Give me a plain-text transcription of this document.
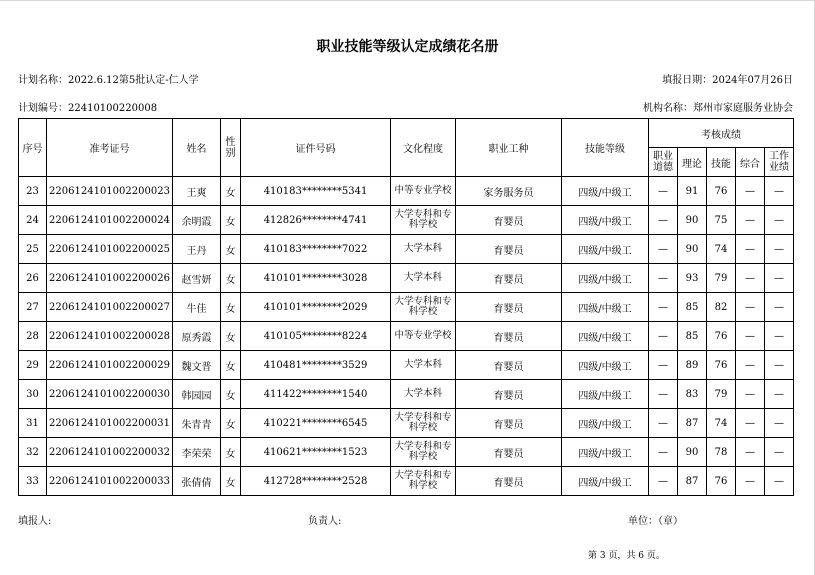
职业技能等级认定成绩花名册
计划名称：2022.6.12第5批认定-仁人学	填报日期：2024年07月26日
计划编号：22410100220008	机构名称：郑州市家庭服务业协会
序号	准考证号	姓名	性别	证件号码	文化程度	职业工种	技能等级	考核成绩				
								职业道德	理论	技能	综合	工作业绩
23	2206124101002200023	王爽	女	410183********5341	中等专业学校	家务服务员	四级/中级工	—	91	76	—	—
24	2206124101002200024	余明霞	女	412826********4741	大学专科和专科学校	育婴员	四级/中级工	—	90	75	—	—
25	2206124101002200025	王丹	女	410183********7022	大学本科	育婴员	四级/中级工	—	90	74	—	—
26	2206124101002200026	赵雪妍	女	410101********3028	大学本科	育婴员	四级/中级工	—	93	79	—	—
27	2206124101002200027	牛佳	女	410101********2029	大学专科和专科学校	育婴员	四级/中级工	—	85	82	—	—
28	2206124101002200028	原秀霞	女	410105********8224	中等专业学校	育婴员	四级/中级工	—	85	76	—	—
29	2206124101002200029	魏文普	女	410481********3529	大学本科	育婴员	四级/中级工	—	89	76	—	—
30	2206124101002200030	韩园园	女	411422********1540	大学本科	育婴员	四级/中级工	—	83	79	—	—
31	2206124101002200031	朱青青	女	410221********6545	大学专科和专科学校	育婴员	四级/中级工	—	87	74	—	—
32	2206124101002200032	李荣荣	女	410621********1523	大学专科和专科学校	育婴员	四级/中级工	—	90	78	—	—
33	2206124101002200033	张倩倩	女	412728********2528	大学专科和专科学校	育婴员	四级/中级工	—	87	76	—	—
填报人:	负责人:	单位：（章）
第 3 页，共 6 页。
